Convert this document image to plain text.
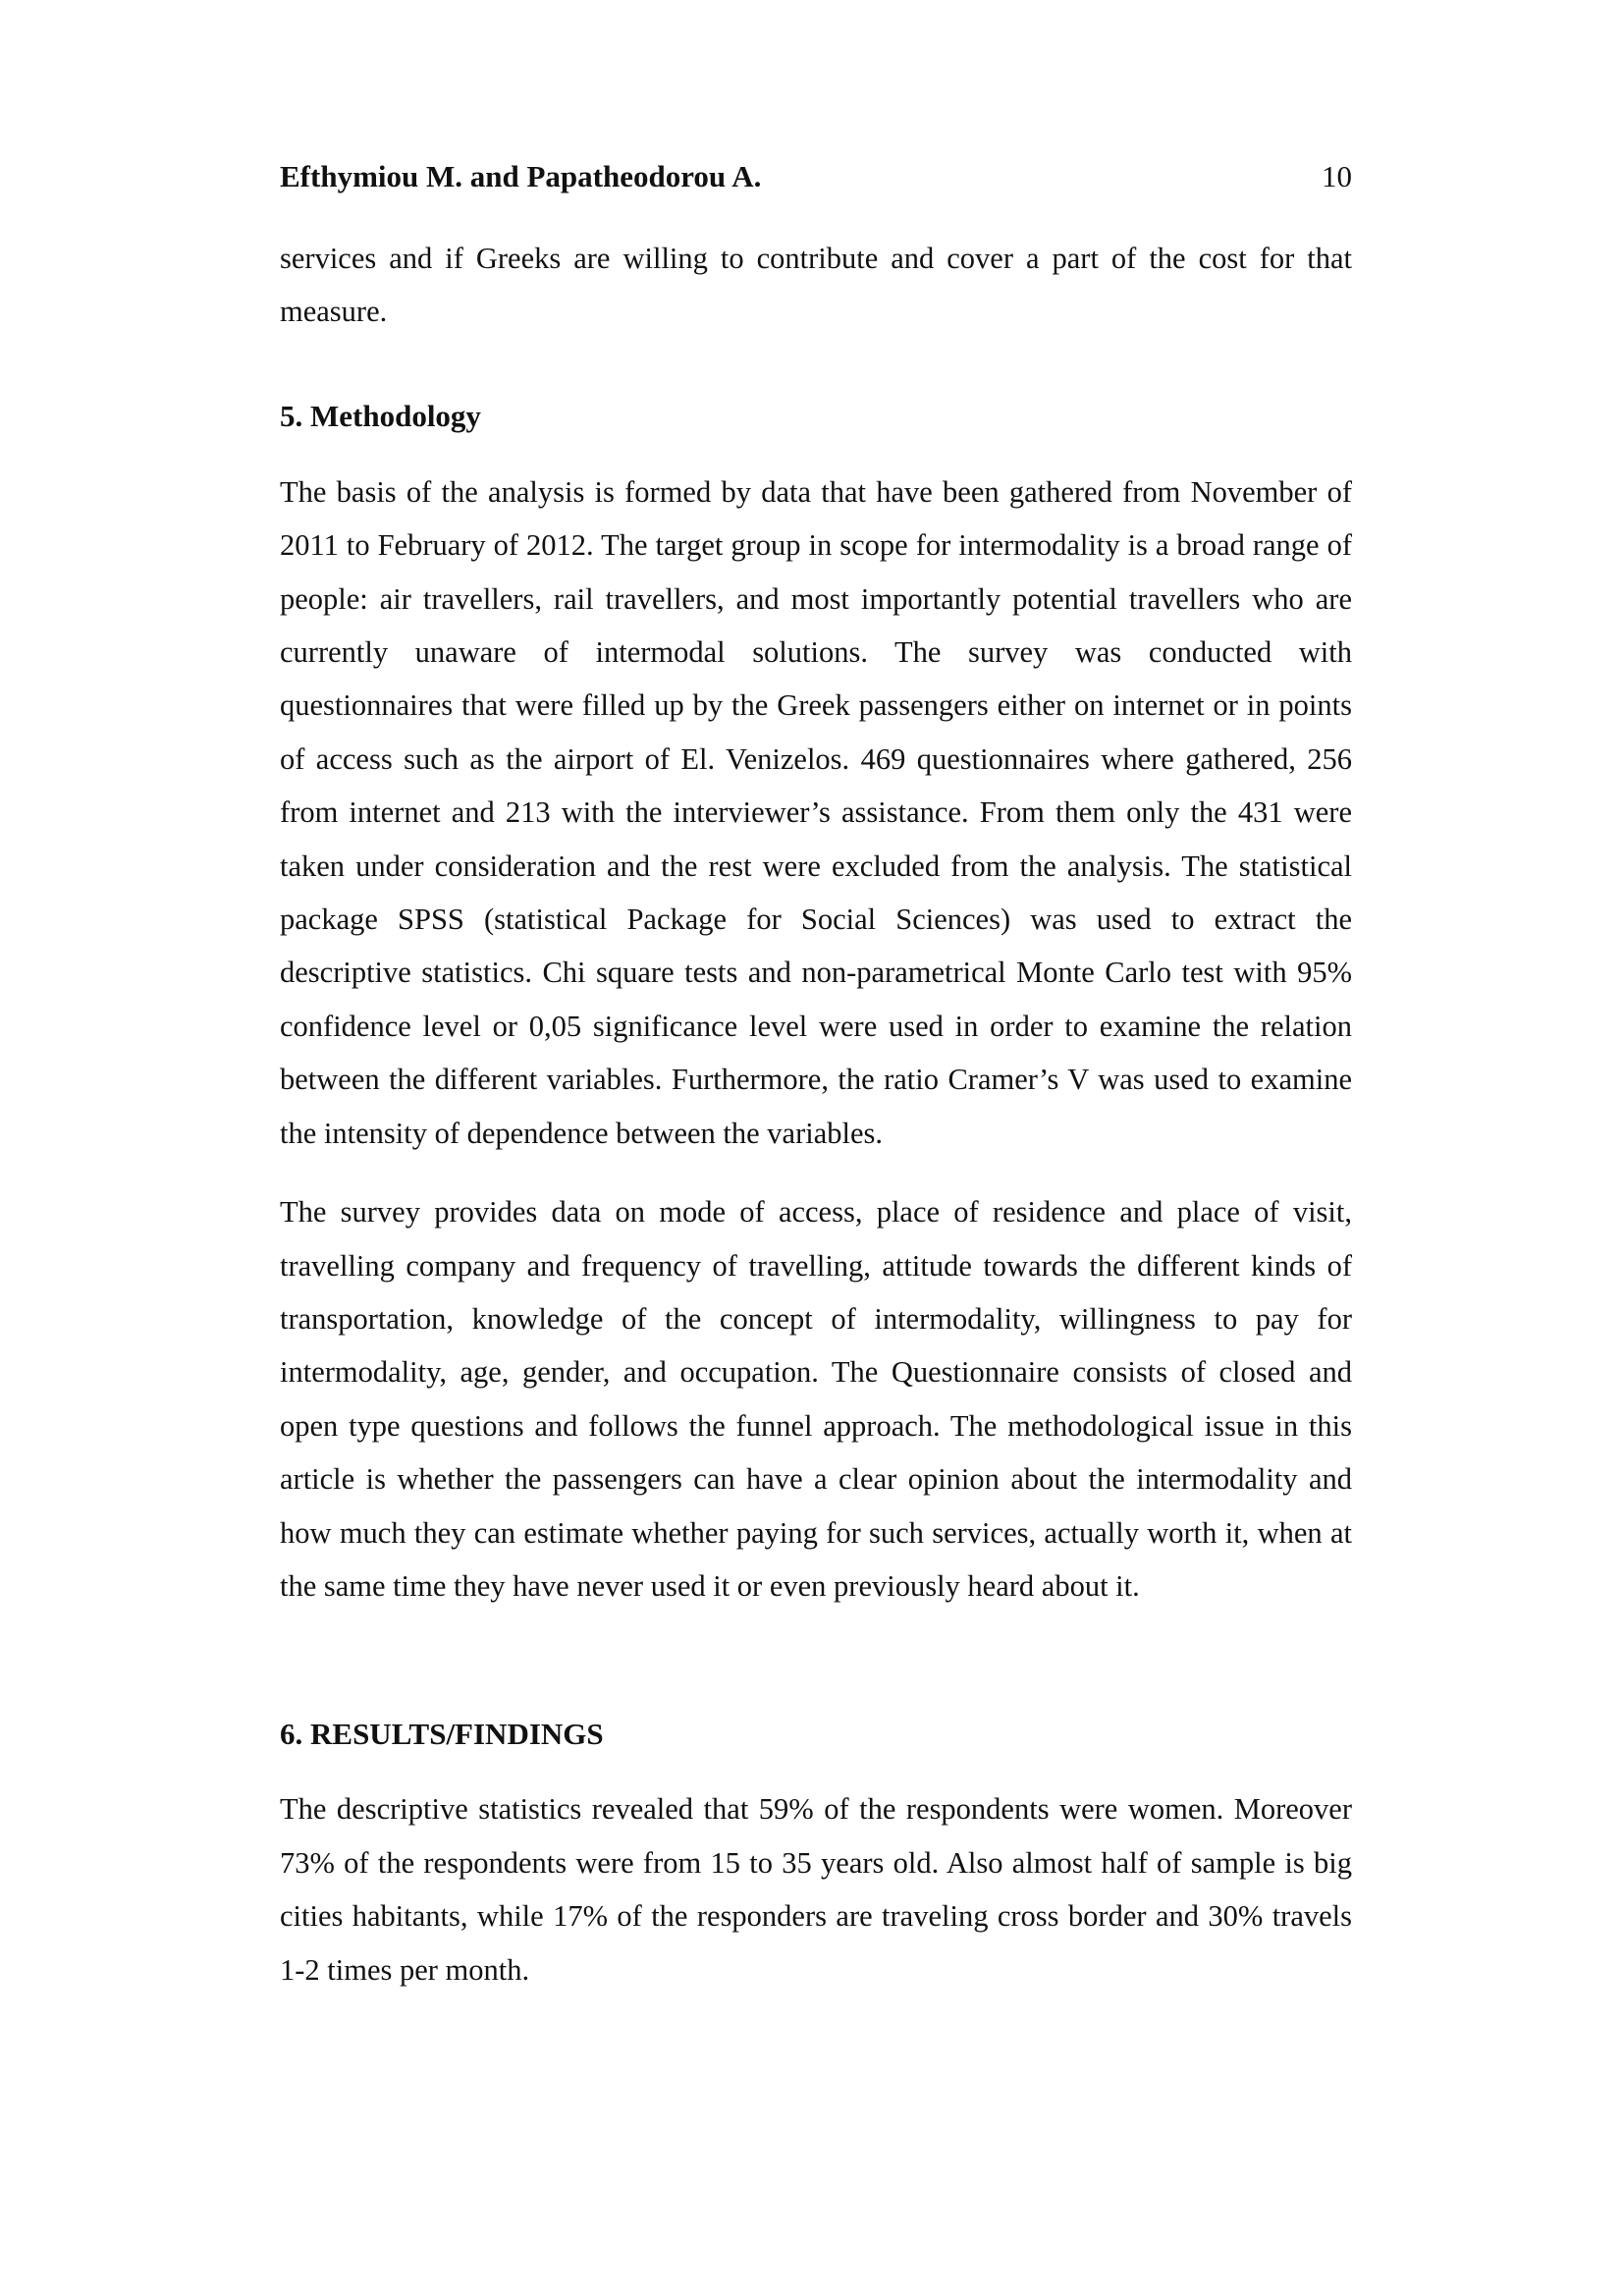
Efthymiou M. and Papatheodorou A.	10

services and if Greeks are willing to contribute and cover a part of the cost for that measure.

5. Methodology

The basis of the analysis is formed by data that have been gathered from November of 2011 to February of 2012. The target group in scope for intermodality is a broad range of people: air travellers, rail travellers, and most importantly potential travellers who are currently unaware of intermodal solutions. The survey was conducted with questionnaires that were filled up by the Greek passengers either on internet or in points of access such as the airport of El. Venizelos. 469 questionnaires where gathered, 256 from internet and 213 with the interviewer’s assistance. From them only the 431 were taken under consideration and the rest were excluded from the analysis. The statistical package SPSS (statistical Package for Social Sciences) was used to extract the descriptive statistics. Chi square tests and non-parametrical Monte Carlo test with 95% confidence level or 0,05 significance level were used in order to examine the relation between the different variables. Furthermore, the ratio Cramer’s V was used to examine the intensity of dependence between the variables.

The survey provides data on mode of access, place of residence and place of visit, travelling company and frequency of travelling, attitude towards the different kinds of transportation, knowledge of the concept of intermodality, willingness to pay for intermodality, age, gender, and occupation. The Questionnaire consists of closed and open type questions and follows the funnel approach. The methodological issue in this article is whether the passengers can have a clear opinion about the intermodality and how much they can estimate whether paying for such services, actually worth it, when at the same time they have never used it or even previously heard about it.

6. RESULTS/FINDINGS

The descriptive statistics revealed that 59% of the respondents were women. Moreover 73% of the respondents were from 15 to 35 years old. Also almost half of sample is big cities habitants, while 17% of the responders are traveling cross border and 30% travels 1-2 times per month.
